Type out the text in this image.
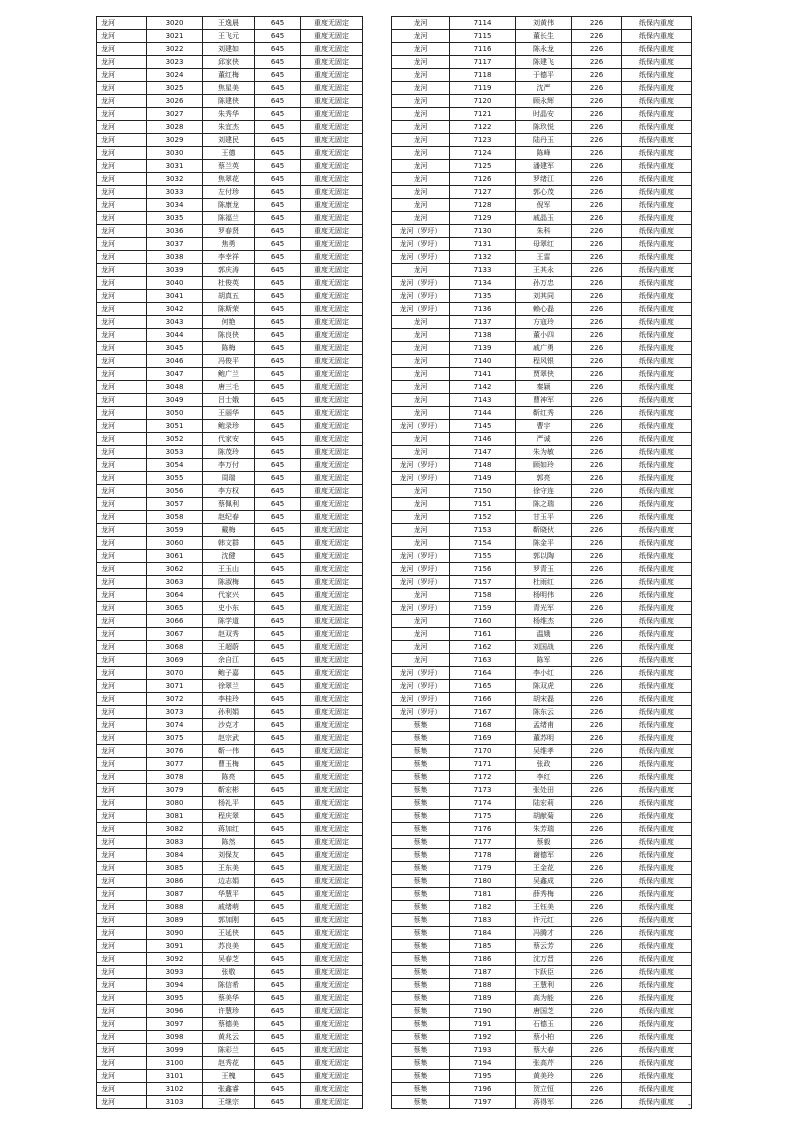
龙河	3020	王逸晨	645	重度无固定
龙河	3021	王飞元	645	重度无固定
龙河	3022	刘建如	645	重度无固定
龙河	3023	邱家侠	645	重度无固定
龙河	3024	董红梅	645	重度无固定
龙河	3025	焦星美	645	重度无固定
龙河	3026	陈建侠	645	重度无固定
龙河	3027	朱秀华	645	重度无固定
龙河	3028	朱宜杰	645	重度无固定
龙河	3029	刘建民	645	重度无固定
龙河	3030	王德	645	重度无固定
龙河	3031	蔡兰英	645	重度无固定
龙河	3032	焦翠花	645	重度无固定
龙河	3033	左付珍	645	重度无固定
龙河	3034	陈康龙	645	重度无固定
龙河	3035	陈福兰	645	重度无固定
龙河	3036	罗春贤	645	重度无固定
龙河	3037	焦勇	645	重度无固定
龙河	3038	李幸祥	645	重度无固定
龙河	3039	郭庆涛	645	重度无固定
龙河	3040	杜俊英	645	重度无固定
龙河	3041	胡真五	645	重度无固定
龙河	3042	陈斯荣	645	重度无固定
龙河	3043	何艳	645	重度无固定
龙河	3044	陈良侠	645	重度无固定
龙河	3045	陈梅	645	重度无固定
龙河	3046	冯俊平	645	重度无固定
龙河	3047	鲍广兰	645	重度无固定
龙河	3048	唐三毛	645	重度无固定
龙河	3049	吕士娥	645	重度无固定
龙河	3050	王丽华	645	重度无固定
龙河	3051	鲍录珍	645	重度无固定
龙河	3052	代家安	645	重度无固定
龙河	3053	陈茂玲	645	重度无固定
龙河	3054	李万付	645	重度无固定
龙河	3055	周瑞	645	重度无固定
龙河	3056	李方权	645	重度无固定
龙河	3057	蔡佩利	645	重度无固定
龙河	3058	赵纪春	645	重度无固定
龙河	3059	戴梅	645	重度无固定
龙河	3060	韩文群	645	重度无固定
龙河	3061	沈健	645	重度无固定
龙河	3062	王玉山	645	重度无固定
龙河	3063	陈淑梅	645	重度无固定
龙河	3064	代家兴	645	重度无固定
龙河	3065	史小东	645	重度无固定
龙河	3066	陈学道	645	重度无固定
龙河	3067	赵双秀	645	重度无固定
龙河	3068	王超蔚	645	重度无固定
龙河	3069	余自江	645	重度无固定
龙河	3070	鲍子嘉	645	重度无固定
龙河	3071	徐翠兰	645	重度无固定
龙河	3072	李桂玲	645	重度无固定
龙河	3073	孙利娟	645	重度无固定
龙河	3074	沙克才	645	重度无固定
龙河	3075	赵宗武	645	重度无固定
龙河	3076	靳一伟	645	重度无固定
龙河	3077	曹玉梅	645	重度无固定
龙河	3078	陈亮	645	重度无固定
龙河	3079	靳宏彬	645	重度无固定
龙河	3080	杨礼平	645	重度无固定
龙河	3081	程庆翠	645	重度无固定
龙河	3082	蒋加红	645	重度无固定
龙河	3083	陈然	645	重度无固定
龙河	3084	刘保友	645	重度无固定
龙河	3085	王东美	645	重度无固定
龙河	3086	边志娟	645	重度无固定
龙河	3087	华慧平	645	重度无固定
龙河	3088	戚绪萌	645	重度无固定
龙河	3089	郭加刚	645	重度无固定
龙河	3090	王延侠	645	重度无固定
龙河	3091	苏良美	645	重度无固定
龙河	3092	吴春芝	645	重度无固定
龙河	3093	张敬	645	重度无固定
龙河	3094	陈信希	645	重度无固定
龙河	3095	蔡美华	645	重度无固定
龙河	3096	许慧珍	645	重度无固定
龙河	3097	蔡德美	645	重度无固定
龙河	3098	黄兆云	645	重度无固定
龙河	3099	陈彩兰	645	重度无固定
龙河	3100	赵秀花	645	重度无固定
龙河	3101	王槐	645	重度无固定
龙河	3102	张鑫睿	645	重度无固定
龙河	3103	王继宗	645	重度无固定
龙河	7114	刘黄伟	226	纸保内重度
龙河	7115	董长生	226	纸保内重度
龙河	7116	陈永龙	226	纸保内重度
龙河	7117	陈建飞	226	纸保内重度
龙河	7118	于德平	226	纸保内重度
龙河	7119	沈严	226	纸保内重度
龙河	7120	顾永辉	226	纸保内重度
龙河	7121	时晶安	226	纸保内重度
龙河	7122	陈玖悦	226	纸保内重度
龙河	7123	陆丹玉	226	纸保内重度
龙河	7124	陈峰	226	纸保内重度
龙河	7125	潘建军	226	纸保内重度
龙河	7126	罗绪江	226	纸保内重度
龙河	7127	郭心茂	226	纸保内重度
龙河	7128	倪军	226	纸保内重度
龙河	7129	戚晶玉	226	纸保内重度
龙河（罗圩）	7130	朱科	226	纸保内重度
龙河（罗圩）	7131	母翠红	226	纸保内重度
龙河（罗圩）	7132	王雷	226	纸保内重度
龙河	7133	王其永	226	纸保内重度
龙河（罗圩）	7134	孙万忠	226	纸保内重度
龙河（罗圩）	7135	刘其同	226	纸保内重度
龙河（罗圩）	7136	赖心磊	226	纸保内重度
龙河	7137	方寇玲	226	纸保内重度
龙河	7138	董小四	226	纸保内重度
龙河	7139	戚广勇	226	纸保内重度
龙河	7140	程风银	226	纸保内重度
龙河	7141	贾翠侠	226	纸保内重度
龙河	7142	秦颖	226	纸保内重度
龙河	7143	曹神军	226	纸保内重度
龙河	7144	靳红秀	226	纸保内重度
龙河（罗圩）	7145	曹宇	226	纸保内重度
龙河	7146	严诚	226	纸保内重度
龙河	7147	朱为敏	226	纸保内重度
龙河（罗圩）	7148	顾如玲	226	纸保内重度
龙河（罗圩）	7149	郭亮	226	纸保内重度
龙河	7150	徐守连	226	纸保内重度
龙河	7151	陈之瑞	226	纸保内重度
龙河	7152	甘玉平	226	纸保内重度
龙河	7153	靳晓伙	226	纸保内重度
龙河	7154	陈金平	226	纸保内重度
龙河（罗圩）	7155	郭以陶	226	纸保内重度
龙河（罗圩）	7156	罗青玉	226	纸保内重度
龙河（罗圩）	7157	杜雨红	226	纸保内重度
龙河	7158	杨明伟	226	纸保内重度
龙河（罗圩）	7159	青光军	226	纸保内重度
龙河	7160	杨维杰	226	纸保内重度
龙河	7161	温娥	226	纸保内重度
龙河	7162	刘国战	226	纸保内重度
龙河	7163	陈军	226	纸保内重度
龙河（罗圩）	7164	李小红	226	纸保内重度
龙河（罗圩）	7165	陈双虎	226	纸保内重度
龙河（罗圩）	7166	胡宋磊	226	纸保内重度
龙河（罗圩）	7167	陈东云	226	纸保内重度
蔡集	7168	孟绪甫	226	纸保内重度
蔡集	7169	董苏明	226	纸保内重度
蔡集	7170	吴维孝	226	纸保内重度
蔡集	7171	张政	226	纸保内重度
蔡集	7172	李红	226	纸保内重度
蔡集	7173	张处田	226	纸保内重度
蔡集	7174	陆宏莉	226	纸保内重度
蔡集	7175	胡献菊	226	纸保内重度
蔡集	7176	朱芳瑞	226	纸保内重度
蔡集	7177	蔡毅	226	纸保内重度
蔡集	7178	谢德军	226	纸保内重度
蔡集	7179	王金花	226	纸保内重度
蔡集	7180	吴鑫成	226	纸保内重度
蔡集	7181	薛秀梅	226	纸保内重度
蔡集	7182	王钰美	226	纸保内重度
蔡集	7183	许元红	226	纸保内重度
蔡集	7184	冯腾才	226	纸保内重度
蔡集	7185	蔡云芳	226	纸保内重度
蔡集	7186	沈万晋	226	纸保内重度
蔡集	7187	卞跃臣	226	纸保内重度
蔡集	7188	王慧利	226	纸保内重度
蔡集	7189	高为能	226	纸保内重度
蔡集	7190	唐国芝	226	纸保内重度
蔡集	7191	石德玉	226	纸保内重度
蔡集	7192	蔡小柏	226	纸保内重度
蔡集	7193	蔡大春	226	纸保内重度
蔡集	7194	张高芹	226	纸保内重度
蔡集	7195	黄美玲	226	纸保内重度
蔡集	7196	贺立恒	226	纸保内重度
蔡集	7197	蒋得军	226	纸保内重度 -
